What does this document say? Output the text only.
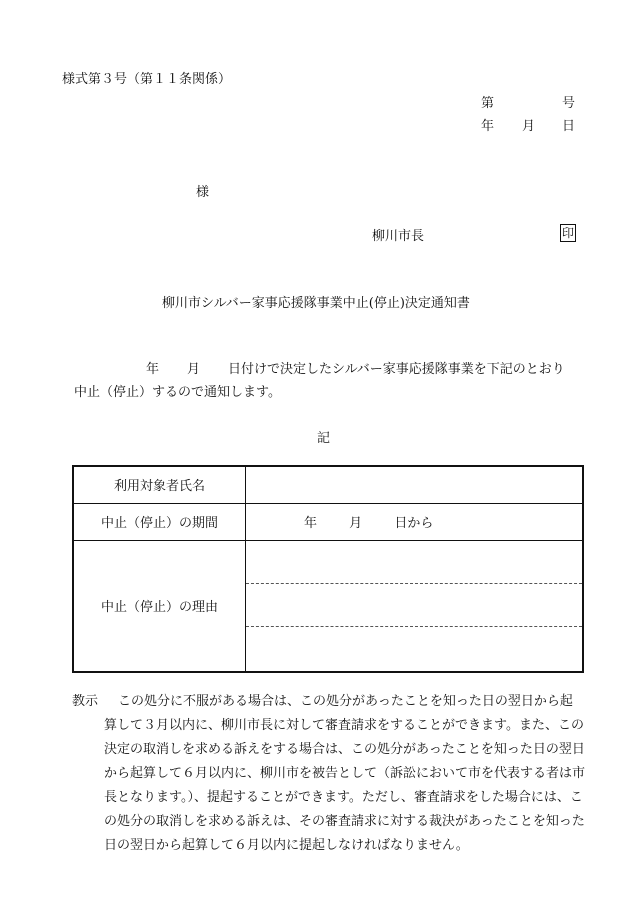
様式第３号（第１１条関係）
第	号
年 月 日
様
柳川市長	印
柳川市シルバー家事応援隊事業中止(停止)決定通知書
年 月 日付けで決定したシルバー家事応援隊事業を下記のとおり
中止（停止）するので通知します。
記
利用対象者氏名	
中止（停止）の期間	年 月 日から
中止（停止）の理由	
教示 この処分に不服がある場合は、この処分があったことを知った日の翌日から起
算して３月以内に、柳川市長に対して審査請求をすることができます。また、この
決定の取消しを求める訴えをする場合は、この処分があったことを知った日の翌日
から起算して６月以内に、柳川市を被告として（訴訟において市を代表する者は市
長となります。）、提起することができます。ただし、審査請求をした場合には、こ
の処分の取消しを求める訴えは、その審査請求に対する裁決があったことを知った
日の翌日から起算して６月以内に提起しなければなりません。
